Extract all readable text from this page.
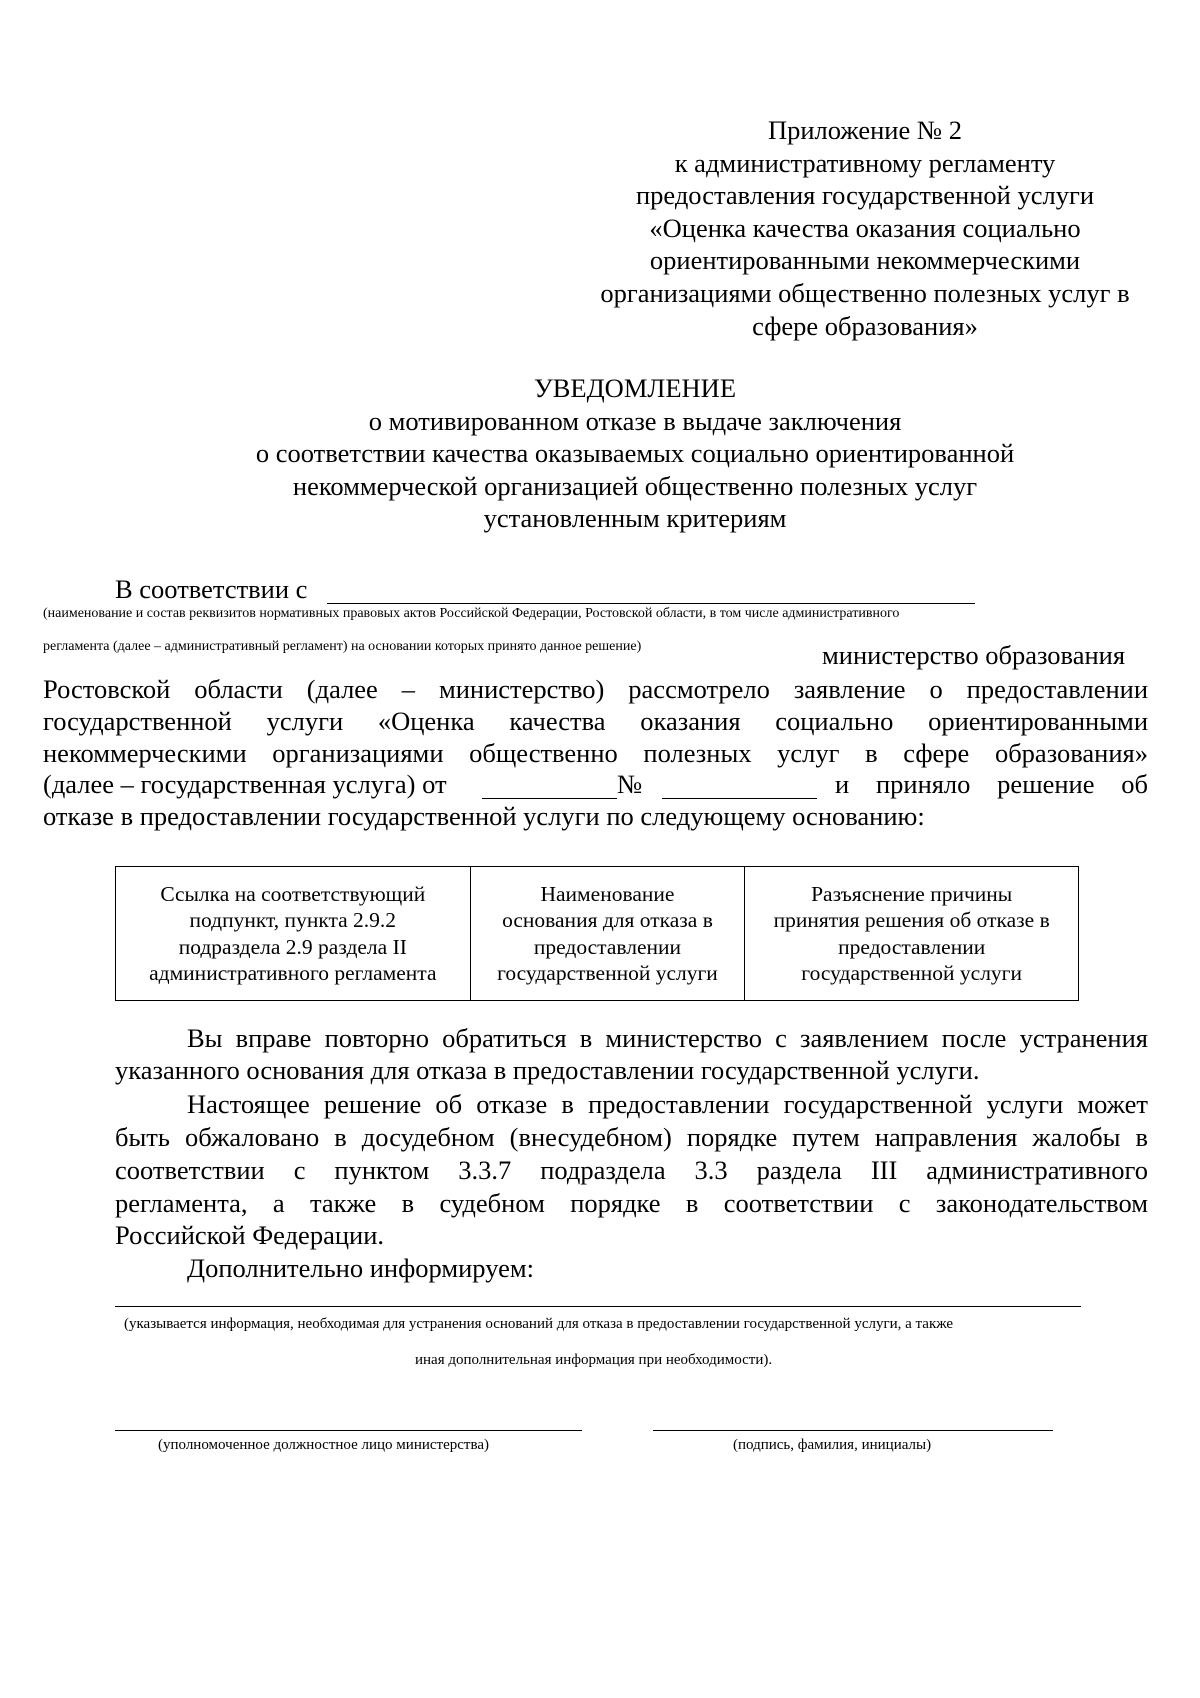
Приложение № 2
к административному регламенту
предоставления государственной услуги
«Оценка качества оказания социально
ориентированными некоммерческими
организациями общественно полезных услуг в
сфере образования»
УВЕДОМЛЕНИЕ
о мотивированном отказе в выдаче заключения
о соответствии качества оказываемых социально ориентированной
некоммерческой организацией общественно полезных услуг
установленным критериям
В соответствии с
(наименование и состав реквизитов нормативных правовых актов Российской Федерации, Ростовской области, в том числе административного
регламента (далее – административный регламент) на основании которых принято данное решение)	министерство образования
Ростовской области (далее – министерство) рассмотрело заявление о предоставлении
государственной услуги «Оценка качества оказания социально ориентированными
некоммерческими организациями общественно полезных услуг в сфере образования»
(далее – государственная услуга) от	№	и приняло решение об
отказе в предоставлении государственной услуги по следующему основанию:
Ссылка на соответствующий
подпункт, пункта 2.9.2
подраздела 2.9 раздела II
административного регламента

Наименование
основания для отказа в
предоставлении
государственной услуги

Разъяснение причины
принятия решения об отказе в
предоставлении
государственной услуги
Вы вправе повторно обратиться в министерство с заявлением после устранения
указанного основания для отказа в предоставлении государственной услуги.
Настоящее решение об отказе в предоставлении государственной услуги может
быть обжаловано в досудебном (внесудебном) порядке путем направления жалобы в
соответствии с пунктом 3.3.7 подраздела 3.3 раздела III административного
регламента, а также в судебном порядке в соответствии с законодательством
Российской Федерации.
Дополнительно информируем:
(указывается информация, необходимая для устранения оснований для отказа в предоставлении государственной услуги, а также
иная дополнительная информация при необходимости).
(уполномоченное должностное лицо министерства)	(подпись, фамилия, инициалы)
